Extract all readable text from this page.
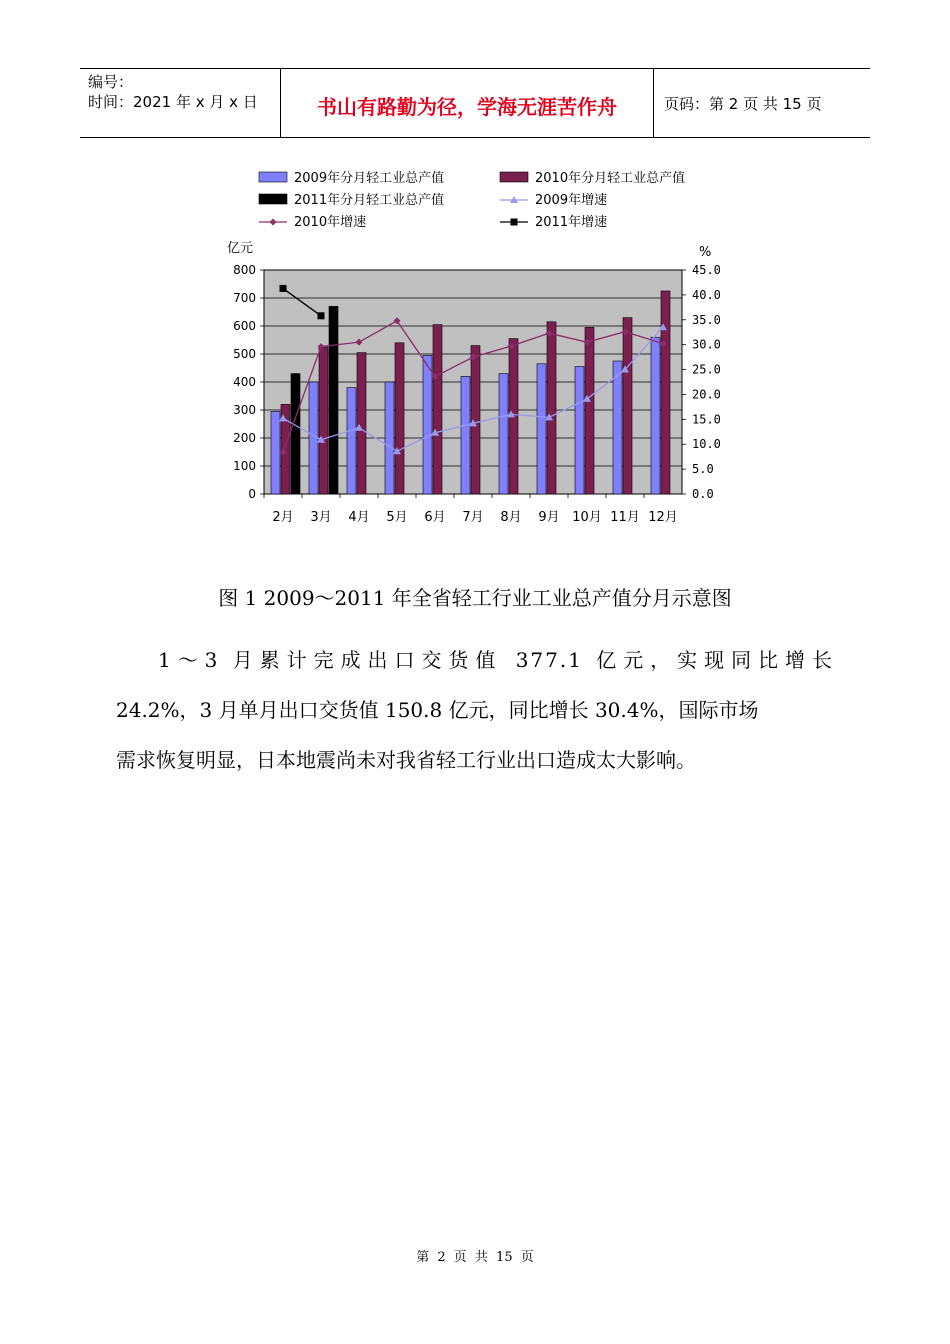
编号：
时间：2021 年 x 月 x 日	书山有路勤为径，学海无涯苦作舟	页码：第 2 页 共 15 页
2009年分月轻工业总产值	2010年分月轻工业总产值
2011年分月轻工业总产值	2009年增速
2010年增速	2011年增速
亿元	%
0
100
200
300
400
500
600
700
800
0.0
5.0
10.0
15.0
20.0
25.0
30.0
35.0
40.0
45.0
2月 3月 4月 5月 6月 7月 8月 9月 10月 11月 12月
图 1 2009～2011 年全省轻工行业工业总产值分月示意图
1～3 月累计完成出口交货值 377.1 亿元，实现同比增长
24.2%，3 月单月出口交货值 150.8 亿元，同比增长 30.4%，国际市场
需求恢复明显，日本地震尚未对我省轻工行业出口造成太大影响。
第 2 页 共 15 页
